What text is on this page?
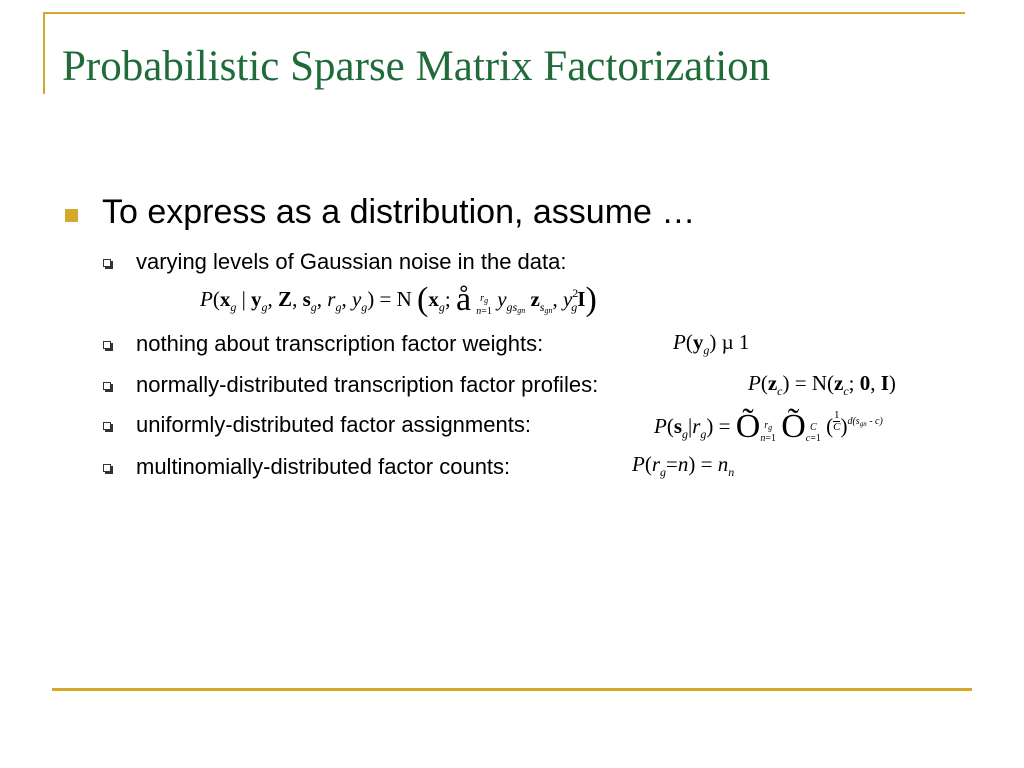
Probabilistic Sparse Matrix Factorization
To express as a distribution, assume …
varying levels of Gaussian noise in the data:
nothing about transcription factor weights:
normally-distributed transcription factor profiles:
uniformly-distributed factor assignments:
multinomially-distributed factor counts:
$P(x_g$ | $y_g$, Z, $s_g$, $r_g$, $y_g) = N$ ($x_g$; å $r_g$
n=1
$y_{gs_{gn}}$ $z_{s_{gn}}$, $y^2_gI$)
$P(y_g)$ µ 1
$P(z_c) = N(z_c$; 0, I)
$P(s_g|r_g)$ = Õ $r_g$
n=1 Õ C
c=1
( $\frac{1}{C} )^{d(s_{gn} - c)}$
$P(r_g=n) = n_n$
